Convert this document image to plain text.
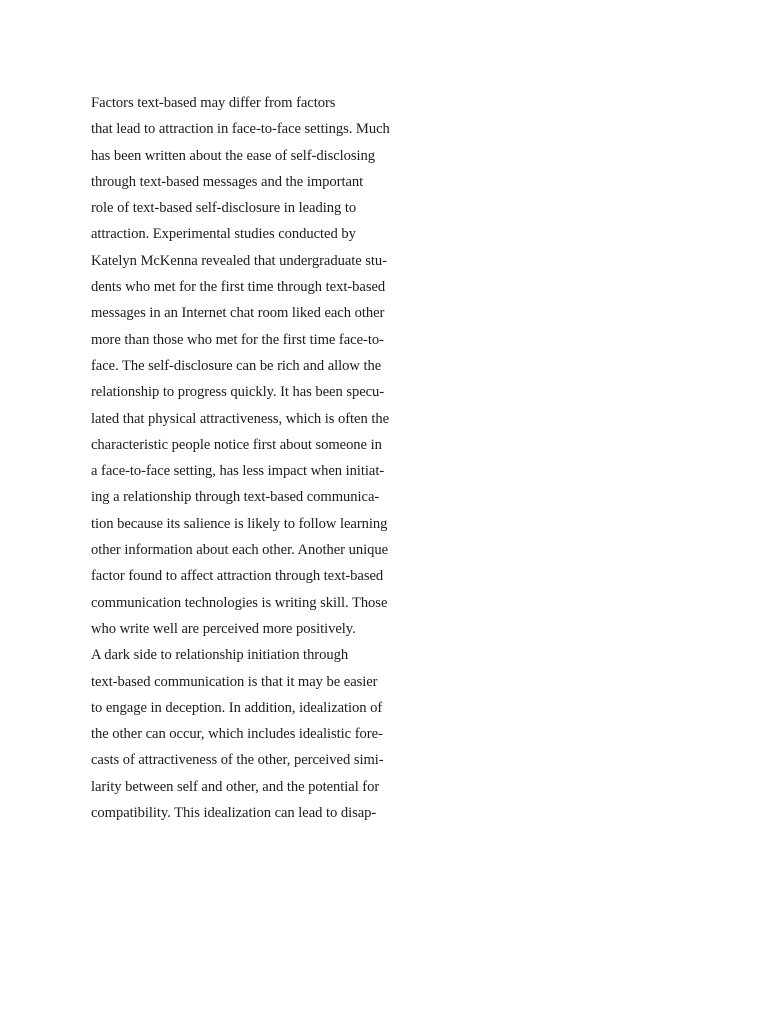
Factors text-based may differ from factors
that lead to attraction in face-to-face settings. Much
has been written about the ease of self-disclosing
through text-based messages and the important
role of text-based self-disclosure in leading to
attraction. Experimental studies conducted by
Katelyn McKenna revealed that undergraduate stu-
dents who met for the first time through text-based
messages in an Internet chat room liked each other
more than those who met for the first time face-to-
face. The self-disclosure can be rich and allow the
relationship to progress quickly. It has been specu-
lated that physical attractiveness, which is often the
characteristic people notice first about someone in
a face-to-face setting, has less impact when initiat-
ing a relationship through text-based communica-
tion because its salience is likely to follow learning
other information about each other. Another unique
factor found to affect attraction through text-based
communication technologies is writing skill. Those
who write well are perceived more positively.
A dark side to relationship initiation through
text-based communication is that it may be easier
to engage in deception. In addition, idealization of
the other can occur, which includes idealistic fore-
casts of attractiveness of the other, perceived simi-
larity between self and other, and the potential for
compatibility. This idealization can lead to disap-
